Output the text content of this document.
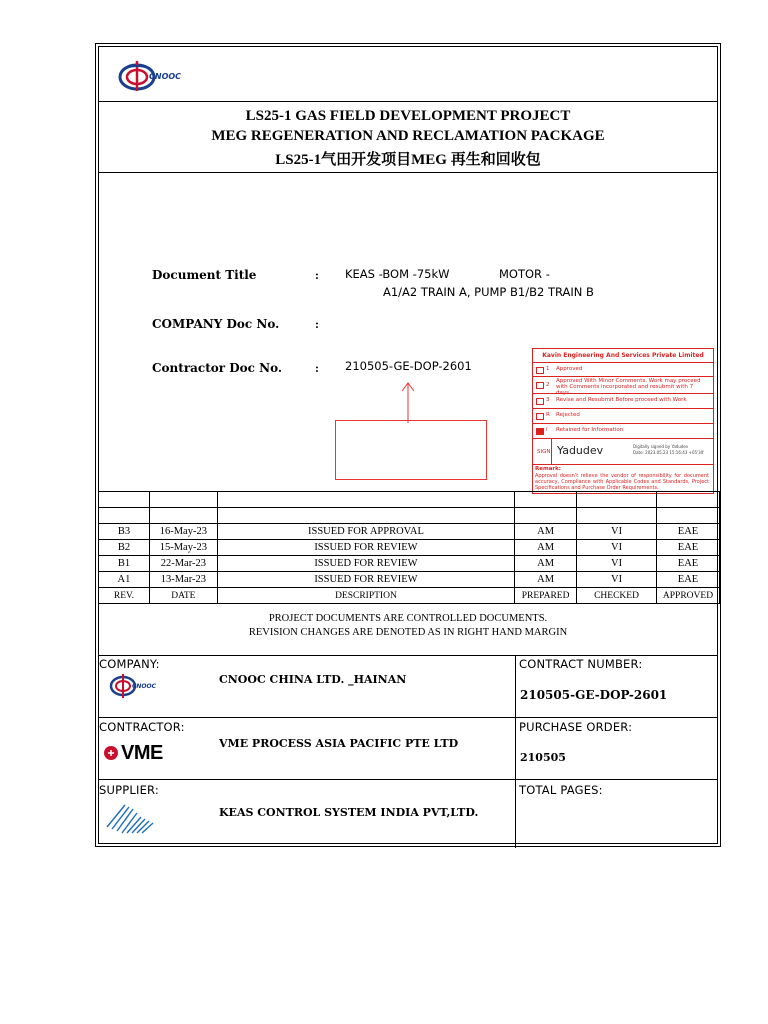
CNOOC
LS25-1 GAS FIELD DEVELOPMENT PROJECT
MEG REGENERATION AND RECLAMATION PACKAGE
LS25-1气田开发项目MEG 再生和回收包
Document Title	: KEAS -BOM -75kW	MOTOR -
A1/A2 TRAIN A, PUMP B1/B2 TRAIN B
COMPANY Doc No.	:
Contractor Doc No.	: 210505-GE-DOP-2601
Kavin Engineering And Services Private Limited
1 Approved
2
Approved With Minor Comments. Work may proceed with Comments incorporated and resubmit with 7 days
3 Revise and Resubmit Before proceed with Work
R Rejected
I Retained for Information
SIGN Yadudev	Digitally signed by Yadudev
Date: 2023.05.23 15:16:43 +05'30'
Remark:
Approval doesn't relieve the vendor of responsibility for document accuracy, Compliance with Applicable Codes and Standards, Project Specifications and Purchase Order Requirements.

B3	16-May-23	ISSUED FOR APPROVAL	AM	VI	EAE
B2	15-May-23	ISSUED FOR REVIEW	AM	VI	EAE
B1	22-Mar-23	ISSUED FOR REVIEW	AM	VI	EAE
A1	13-Mar-23	ISSUED FOR REVIEW	AM	VI	EAE
REV.	DATE	DESCRIPTION	PREPARED	CHECKED	APPROVED
PROJECT DOCUMENTS ARE CONTROLLED DOCUMENTS.
REVISION CHANGES ARE DENOTED AS IN RIGHT HAND MARGIN
COMPANY:
CNOOC
CNOOC CHINA LTD. _HAINAN
CONTRACT NUMBER:
210505-GE-DOP-2601
CONTRACTOR:
VME	VME PROCESS ASIA PACIFIC PTE LTD
PURCHASE ORDER:
210505
SUPPLIER:
KEAS CONTROL SYSTEM INDIA PVT,LTD.
TOTAL PAGES:
